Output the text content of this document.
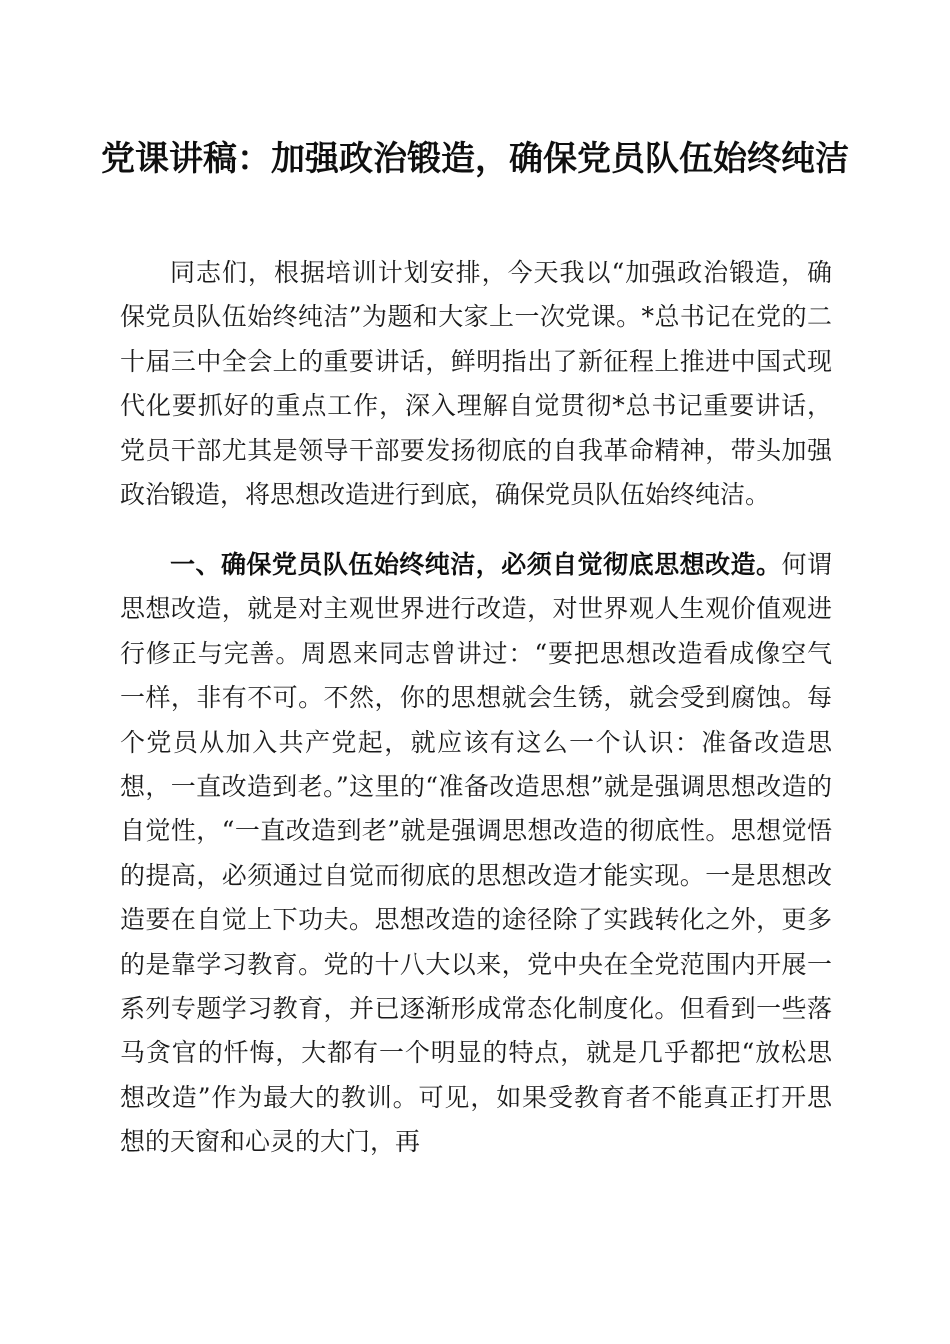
党课讲稿：加强政治锻造，确保党员队伍始终纯洁

同志们，根据培训计划安排，今天我以“加强政治锻造，确保党员队伍始终纯洁”为题和大家上一次党课。*总书记在党的二十届三中全会上的重要讲话，鲜明指出了新征程上推进中国式现代化要抓好的重点工作，深入理解自觉贯彻*总书记重要讲话，党员干部尤其是领导干部要发扬彻底的自我革命精神，带头加强政治锻造，将思想改造进行到底，确保党员队伍始终纯洁。

一、确保党员队伍始终纯洁，必须自觉彻底思想改造。何谓思想改造，就是对主观世界进行改造，对世界观人生观价值观进行修正与完善。周恩来同志曾讲过：“要把思想改造看成像空气一样，非有不可。不然，你的思想就会生锈，就会受到腐蚀。每个党员从加入共产党起，就应该有这么一个认识：准备改造思想，一直改造到老。”这里的“准备改造思想”就是强调思想改造的自觉性，“一直改造到老”就是强调思想改造的彻底性。思想觉悟的提高，必须通过自觉而彻底的思想改造才能实现。一是思想改造要在自觉上下功夫。思想改造的途径除了实践转化之外，更多的是靠学习教育。党的十八大以来，党中央在全党范围内开展一系列专题学习教育，并已逐渐形成常态化制度化。但看到一些落马贪官的忏悔，大都有一个明显的特点，就是几乎都把“放松思想改造”作为最大的教训。可见，如果受教育者不能真正打开思想的天窗和心灵的大门，再
